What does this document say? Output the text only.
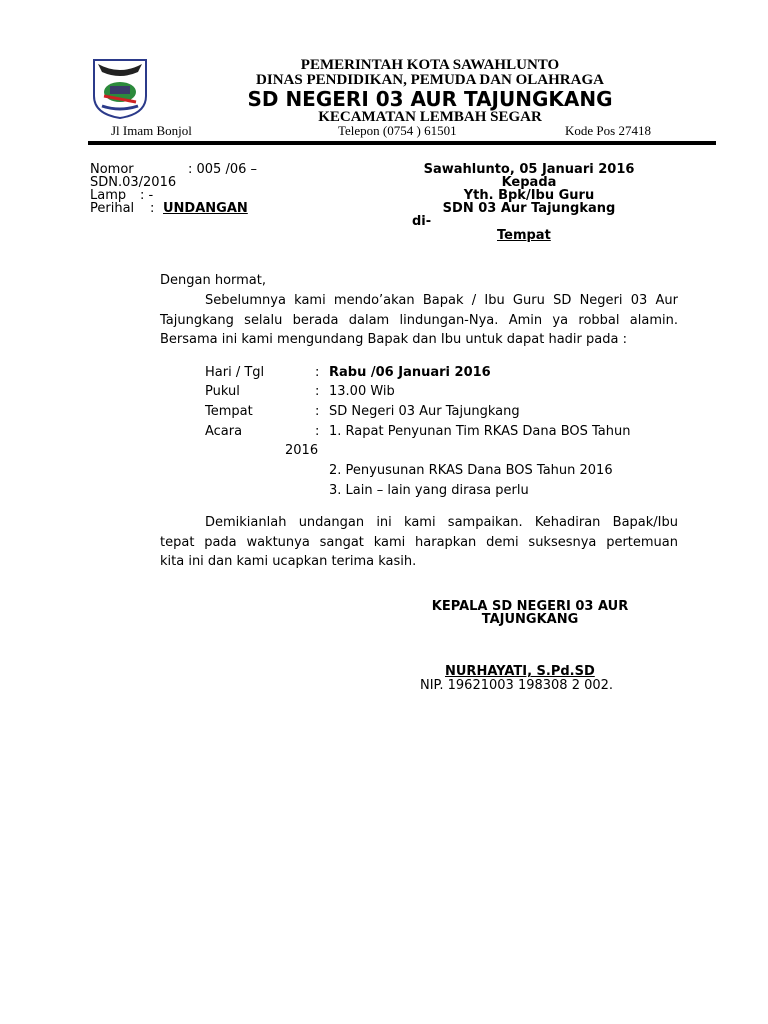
PEMERINTAH KOTA SAWAHLUNTO
DINAS PENDIDIKAN, PEMUDA DAN OLAHRAGA
SD NEGERI 03 AUR TAJUNGKANG
KECAMATAN LEMBAH SEGAR
Jl Imam Bonjol	Telepon (0754 ) 61501	Kode Pos 27418
Nomor	: 005 /06 –
SDN.03/2016
Lamp : -
Perihal : UNDANGAN
Sawahlunto, 05 Januari 2016
Kepada
Yth. Bpk/Ibu Guru
SDN 03 Aur Tajungkang
di-
Tempat
Dengan hormat,
Sebelumnya kami mendo’akan Bapak / Ibu Guru SD Negeri 03 Aur
Tajungkang selalu berada dalam lindungan-Nya. Amin ya robbal alamin.
Bersama ini kami mengundang Bapak dan Ibu untuk dapat hadir pada :
Hari / Tgl	: Rabu /06 Januari 2016
Pukul	: 13.00 Wib
Tempat	: SD Negeri 03 Aur Tajungkang
Acara	: 1. Rapat Penyunan Tim RKAS Dana BOS Tahun
2016
2. Penyusunan RKAS Dana BOS Tahun 2016
3. Lain – lain yang dirasa perlu
Demikianlah undangan ini kami sampaikan. Kehadiran Bapak/Ibu
tepat pada waktunya sangat kami harapkan demi suksesnya pertemuan
kita ini dan kami ucapkan terima kasih.
KEPALA SD NEGERI 03 AUR
TAJUNGKANG
NURHAYATI, S.Pd.SD
NIP. 19621003 198308 2 002.
